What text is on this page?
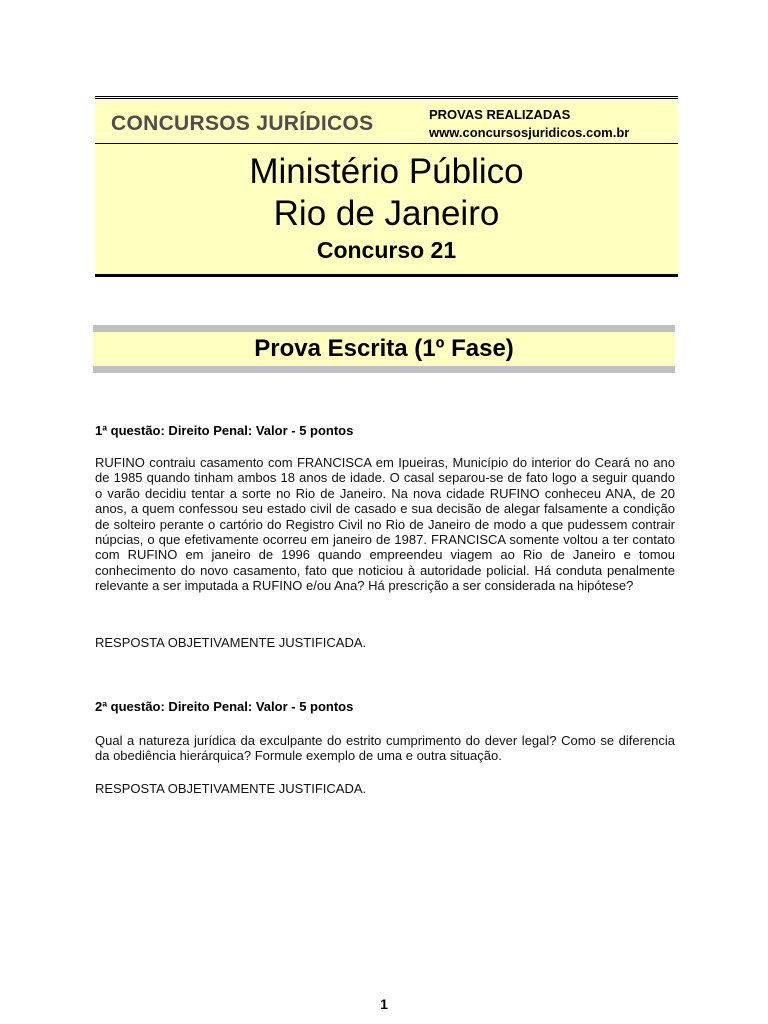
CONCURSOS JURÍDICOS	PROVAS REALIZADAS
www.concursosjuridicos.com.br
Ministério Público
Rio de Janeiro
Concurso 21
Prova Escrita (1º Fase)
1ª questão: Direito Penal: Valor - 5 pontos
RUFINO contraiu casamento com FRANCISCA em Ipueiras, Município do interior do Ceará no ano de 1985 quando tinham ambos 18 anos de idade. O casal separou-se de fato logo a seguir quando o varão decidiu tentar a sorte no Rio de Janeiro. Na nova cidade RUFINO conheceu ANA, de 20 anos, a quem confessou seu estado civil de casado e sua decisão de alegar falsamente a condição de solteiro perante o cartório do Registro Civil no Rio de Janeiro de modo a que pudessem contrair núpcias, o que efetivamente ocorreu em janeiro de 1987. FRANCISCA somente voltou a ter contato com RUFINO em janeiro de 1996 quando empreendeu viagem ao Rio de Janeiro e tomou conhecimento do novo casamento, fato que noticiou à autoridade policial. Há conduta penalmente relevante a ser imputada a RUFINO e/ou Ana? Há prescrição a ser considerada na hipótese?
RESPOSTA OBJETIVAMENTE JUSTIFICADA.
2ª questão: Direito Penal: Valor - 5 pontos
Qual a natureza jurídica da exculpante do estrito cumprimento do dever legal? Como se diferencia da obediência hierárquica? Formule exemplo de uma e outra situação.
RESPOSTA OBJETIVAMENTE JUSTIFICADA.
1
